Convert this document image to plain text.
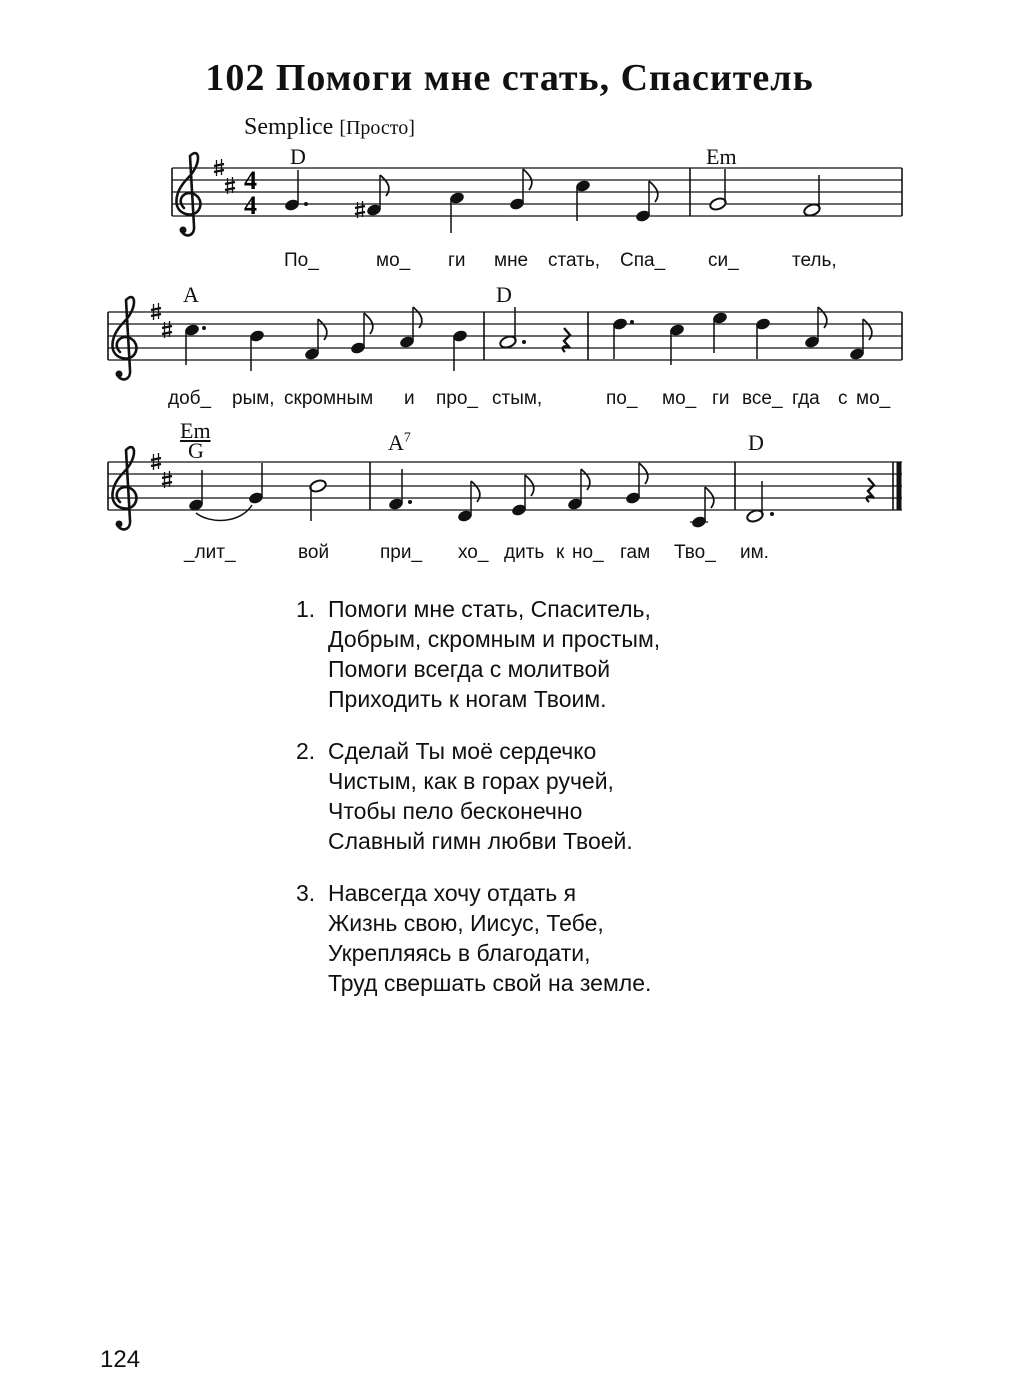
102 Помоги мне стать, Спаситель
Semplice [Просто]
D	Em
A	D
Em
G	$A^7$	D
4
4
По_	мо_ ги мне стать, Спа_ си_	тель,
доб_ рым, скромным и про_ стым,	по_ мо_ ги все_ гда с мо_
_лит_	вой	при_ хо_ дить к но_ гам Тво_ им.
1. Помоги мне стать, Спаситель,
Добрым, скромным и простым,
Помоги всегда с молитвой
Приходить к ногам Твоим.
2. Сделай Ты моё сердечко
Чистым, как в горах ручей,
Чтобы пело бесконечно
Славный гимн любви Твоей.
3. Навсегда хочу отдать я
Жизнь свою, Иисус, Тебе,
Укрепляясь в благодати,
Труд свершать свой на земле.
124
